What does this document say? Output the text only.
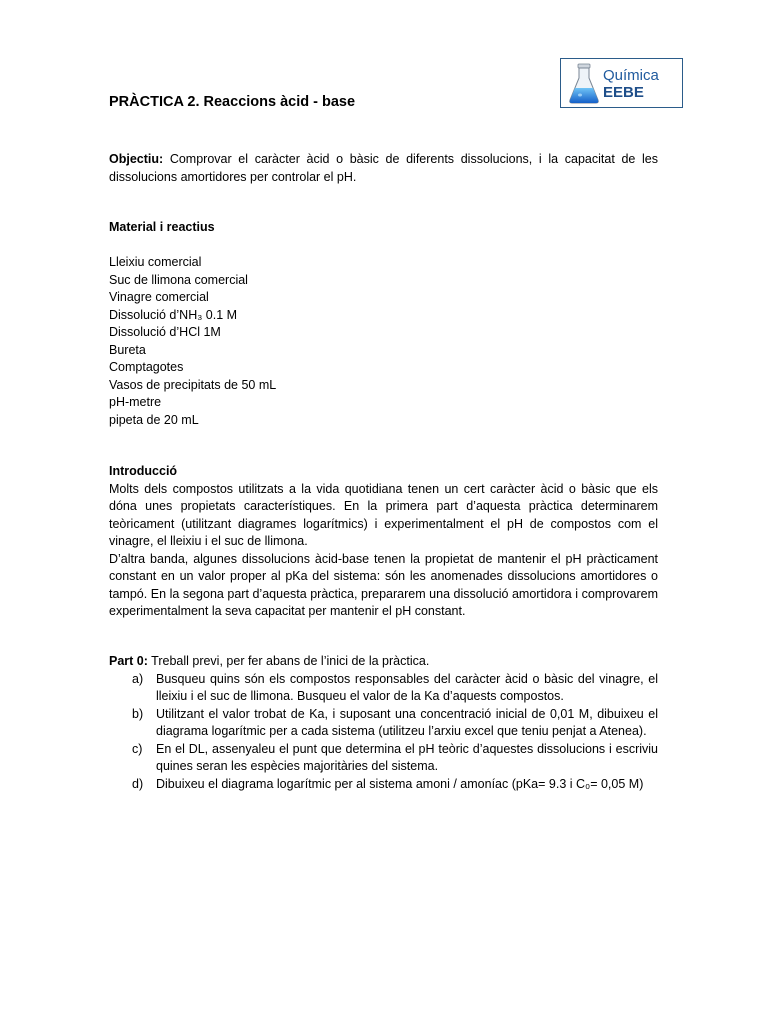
Química
EEBE
PRÀCTICA 2. Reaccions àcid - base
Objectiu: Comprovar el caràcter àcid o bàsic de diferents dissolucions, i la capacitat de les dissolucions amortidores per controlar el pH.
Material i reactius
Lleixiu comercial
Suc de llimona comercial
Vinagre comercial
Dissolució d’NH₃ 0.1 M
Dissolució d’HCl 1M
Bureta
Comptagotes
Vasos de precipitats de 50 mL
pH-metre
pipeta de 20 mL
Introducció

Molts dels compostos utilitzats a la vida quotidiana tenen un cert caràcter àcid o bàsic que els dóna unes propietats característiques. En la primera part d’aquesta pràctica determinarem teòricament (utilitzant diagrames logarítmics) i experimentalment el pH de compostos com el vinagre, el lleixiu i el suc de llimona.

D’altra banda, algunes dissolucions àcid-base tenen la propietat de mantenir el pH pràcticament constant en un valor proper al pKa del sistema: són les anomenades dissolucions amortidores o tampó. En la segona part d’aquesta pràctica, prepararem una dissolució amortidora i comprovarem experimentalment la seva capacitat per mantenir el pH constant.

Part 0: Treball previ, per fer abans de l’inici de la pràctica.
a) Busqueu quins són els compostos responsables del caràcter àcid o bàsic del vinagre, el lleixiu i el suc de llimona. Busqueu el valor de la Ka d’aquests compostos.
b) Utilitzant el valor trobat de Ka, i suposant una concentració inicial de 0,01 M, dibuixeu el diagrama logarítmic per a cada sistema (utilitzeu l’arxiu excel que teniu penjat a Atenea).
c) En el DL, assenyaleu el punt que determina el pH teòric d’aquestes dissolucions i escriviu quines seran les espècies majoritàries del sistema.
d) Dibuixeu el diagrama logarítmic per al sistema amoni / amoníac (pKa= 9.3 i C₀= 0,05 M)
